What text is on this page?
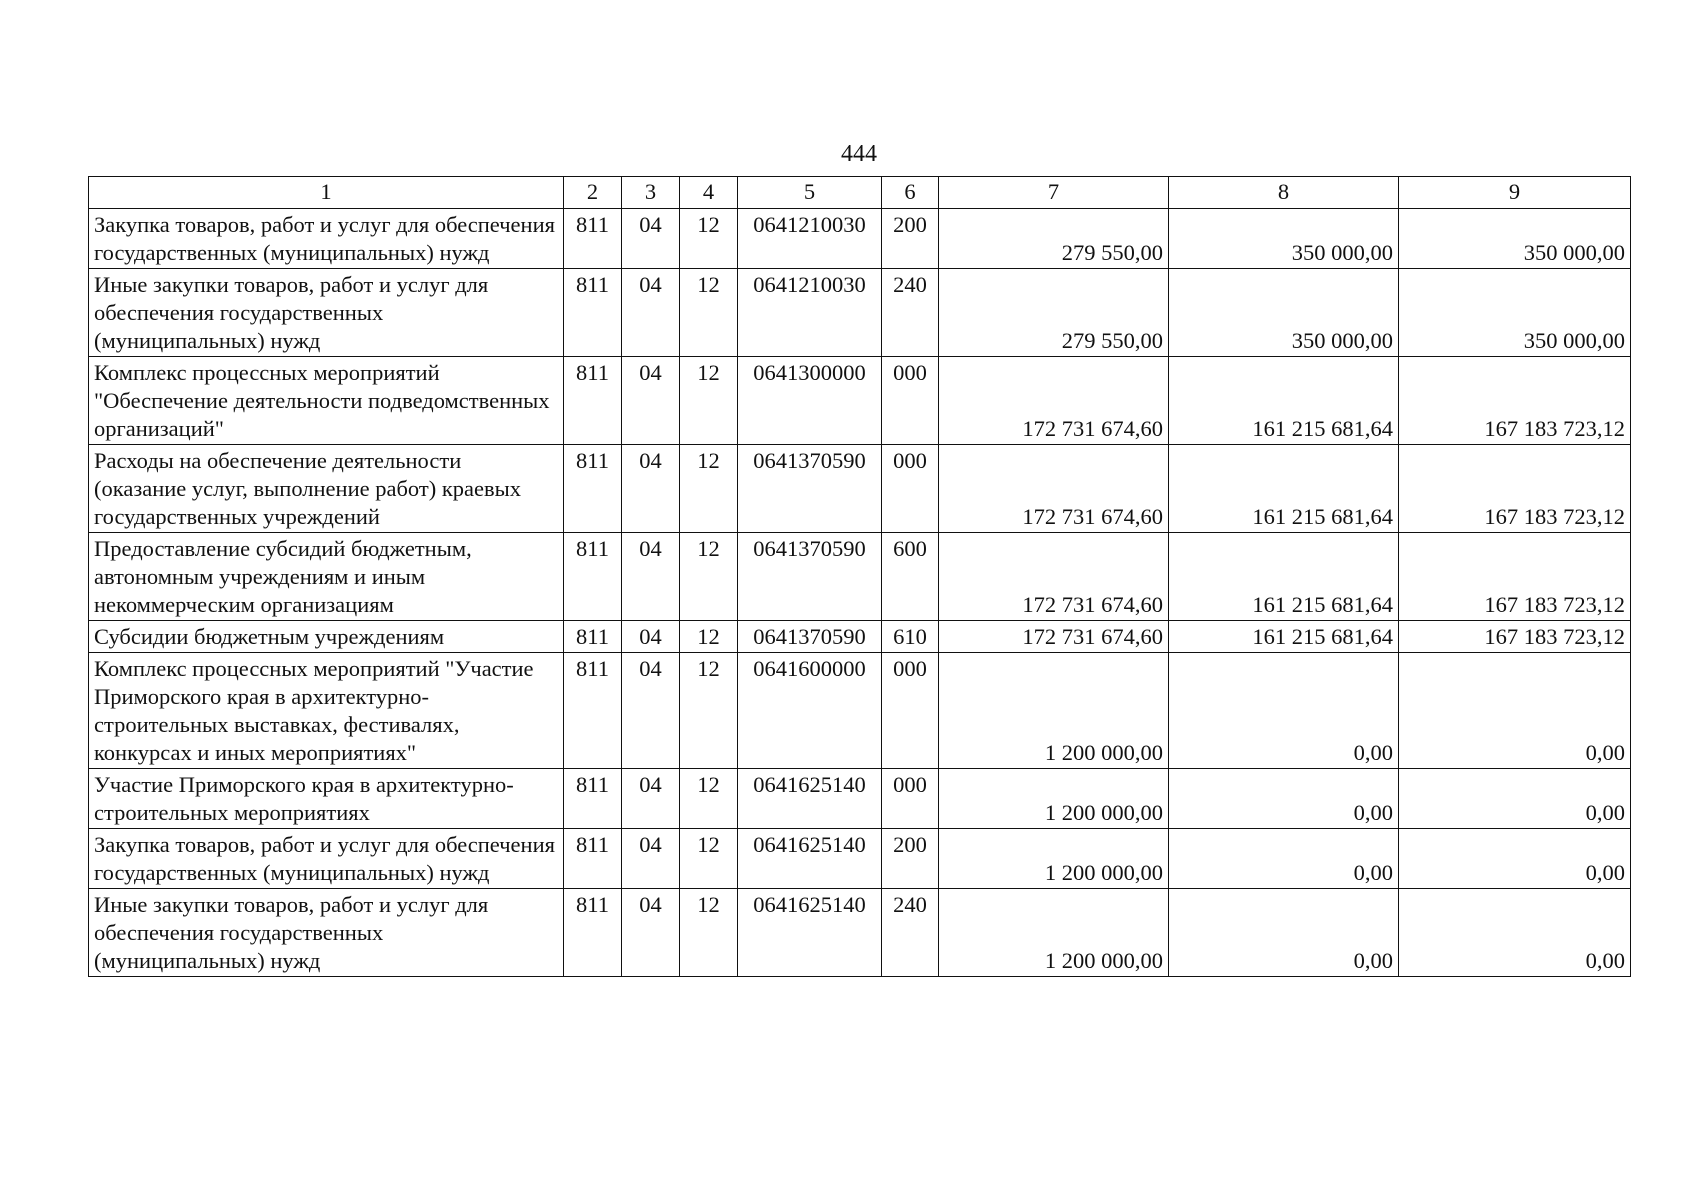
444
1	2	3	4	5	6	7	8	9
Закупка товаров, работ и услуг для обеспечения государственных (муниципальных) нужд	811	04	12	0641210030	200	279 550,00	350 000,00	350 000,00
Иные закупки товаров, работ и услуг для обеспечения государственных (муниципальных) нужд	811	04	12	0641210030	240	279 550,00	350 000,00	350 000,00
Комплекс процессных мероприятий "Обеспечение деятельности подведомственных организаций"	811	04	12	0641300000	000	172 731 674,60	161 215 681,64	167 183 723,12
Расходы на обеспечение деятельности (оказание услуг, выполнение работ) краевых государственных учреждений	811	04	12	0641370590	000	172 731 674,60	161 215 681,64	167 183 723,12
Предоставление субсидий бюджетным, автономным учреждениям и иным некоммерческим организациям	811	04	12	0641370590	600	172 731 674,60	161 215 681,64	167 183 723,12
Субсидии бюджетным учреждениям	811	04	12	0641370590	610	172 731 674,60	161 215 681,64	167 183 723,12
Комплекс процессных мероприятий "Участие Приморского края в архитектурно-строительных выставках, фестивалях, конкурсах и иных мероприятиях"	811	04	12	0641600000	000	1 200 000,00	0,00	0,00
Участие Приморского края в архитектурно-строительных мероприятиях	811	04	12	0641625140	000	1 200 000,00	0,00	0,00
Закупка товаров, работ и услуг для обеспечения государственных (муниципальных) нужд	811	04	12	0641625140	200	1 200 000,00	0,00	0,00
Иные закупки товаров, работ и услуг для обеспечения государственных (муниципальных) нужд	811	04	12	0641625140	240	1 200 000,00	0,00	0,00
